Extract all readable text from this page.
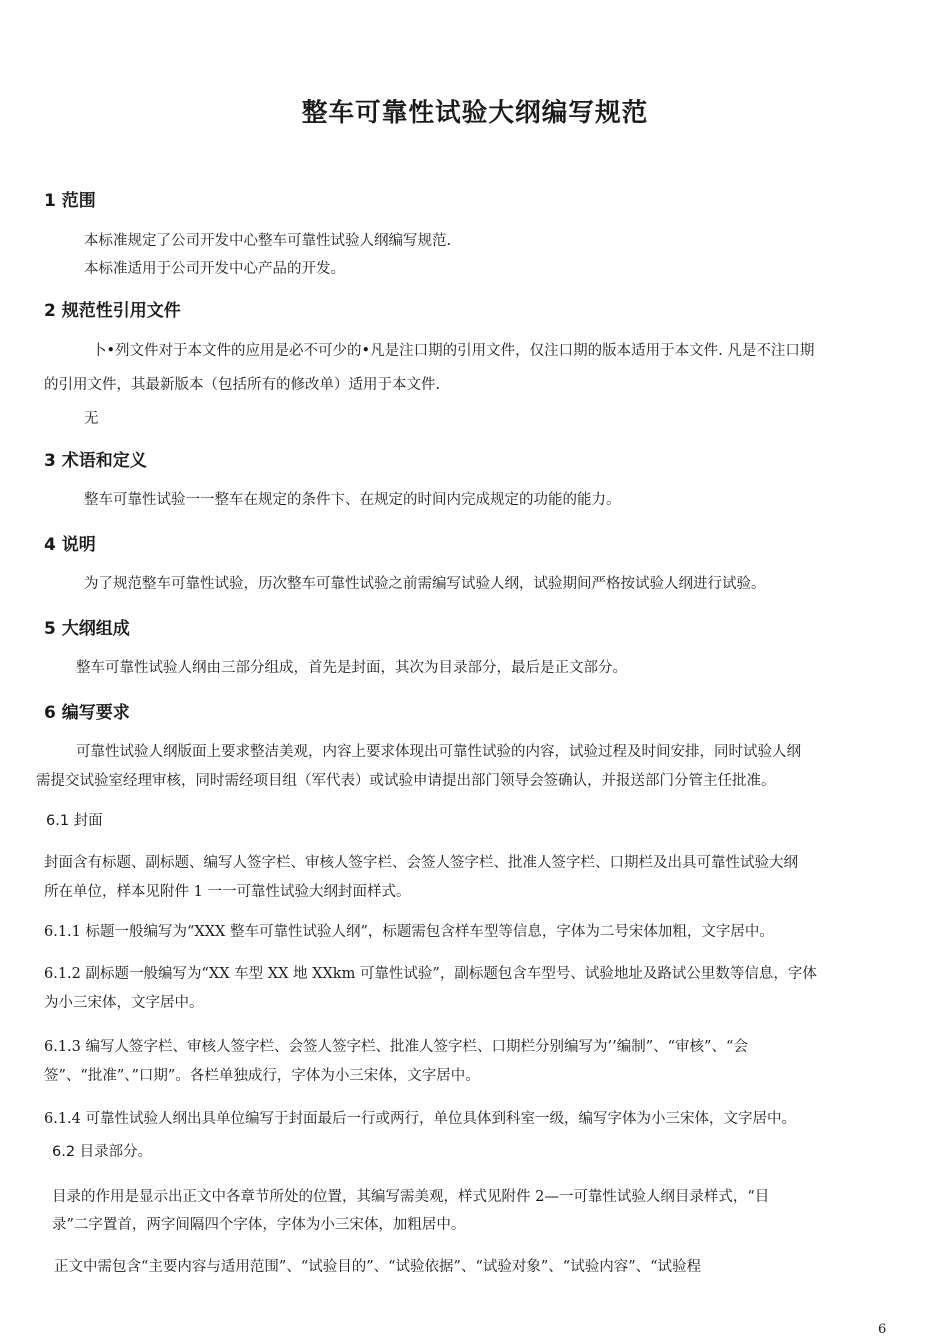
整车可靠性试验大纲编写规范
1 范围
本标准规定了公司开发中心整车可靠性试验人纲编写规范.
本标准适用于公司开发中心产品的开发。
2 规范性引用文件
卜•列文件对于本文件的应用是必不可少的•凡是注口期的引用文件，仅注口期的版本适用于本文件. 凡是不注口期
的引用文件，其最新版本（包括所有的修改单）适用于本文件.
无
3 术语和定义
整车可靠性试验一一整车在规定的条件卞、在规定的时间内完成规定的功能的能力。
4 说明
为了规范整车可靠性试验，历次整车可靠性试验之前需编写试验人纲，试验期间严格按试验人纲进行试验。
5 大纲组成
整车可靠性试验人纲由三部分组成，首先是封面，其次为目录部分，最后是正文部分。
6 编写要求
可靠性试验人纲版面上要求整洁美观，内容上要求体现出可靠性试验的内容，试验过程及时间安排，同时试验人纲
需提交试验室经理审核，同时需经项目组（军代表）或试验申请提出部门领导会签确认，并报送部门分管主任批准。
6.1 封面
封面含有标题、副标题、编写人签字栏、审核人签字栏、会签人签字栏、批准人签字栏、口期栏及出具可靠性试验大纲
所在单位，样本见附件 1 一一可靠性试验大纲封面样式。
6.1.1 标题一般编写为“XXX 整车可靠性试验人纲”，标题需包含样车型等信息，字体为二号宋体加粗，文字居中。
6.1.2 副标题一般编写为“XX 车型 XX 地 XXkm 可靠性试验”，副标题包含车型号、试验地址及路试公里数等信息，字体
为小三宋体，文字居中。
6.1.3 编写人签字栏、审核人签字栏、会签人签字栏、批准人签字栏、口期栏分别编写为’’编制”、“审核”、“会
签”、“批准”、”口期”。各栏单独成行，字体为小三宋体，文字居中。
6.1.4 可靠性试验人纲出具单位编写于封面最后一行或两行，单位具体到科室一级，编写字体为小三宋体，文字居中。
6.2 目录部分。
目录的作用是显示出正文中各章节所处的位置，其编写需美观，样式见附件 2—一可靠性试验人纲目录样式，“目
录”二字置首，两字间隔四个字体，字体为小三宋体，加粗居中。
正文中需包含“主要内容与适用范围”、“试验目的”、“试验依据”、“试验对象”、“试验内容”、“试验程
6
